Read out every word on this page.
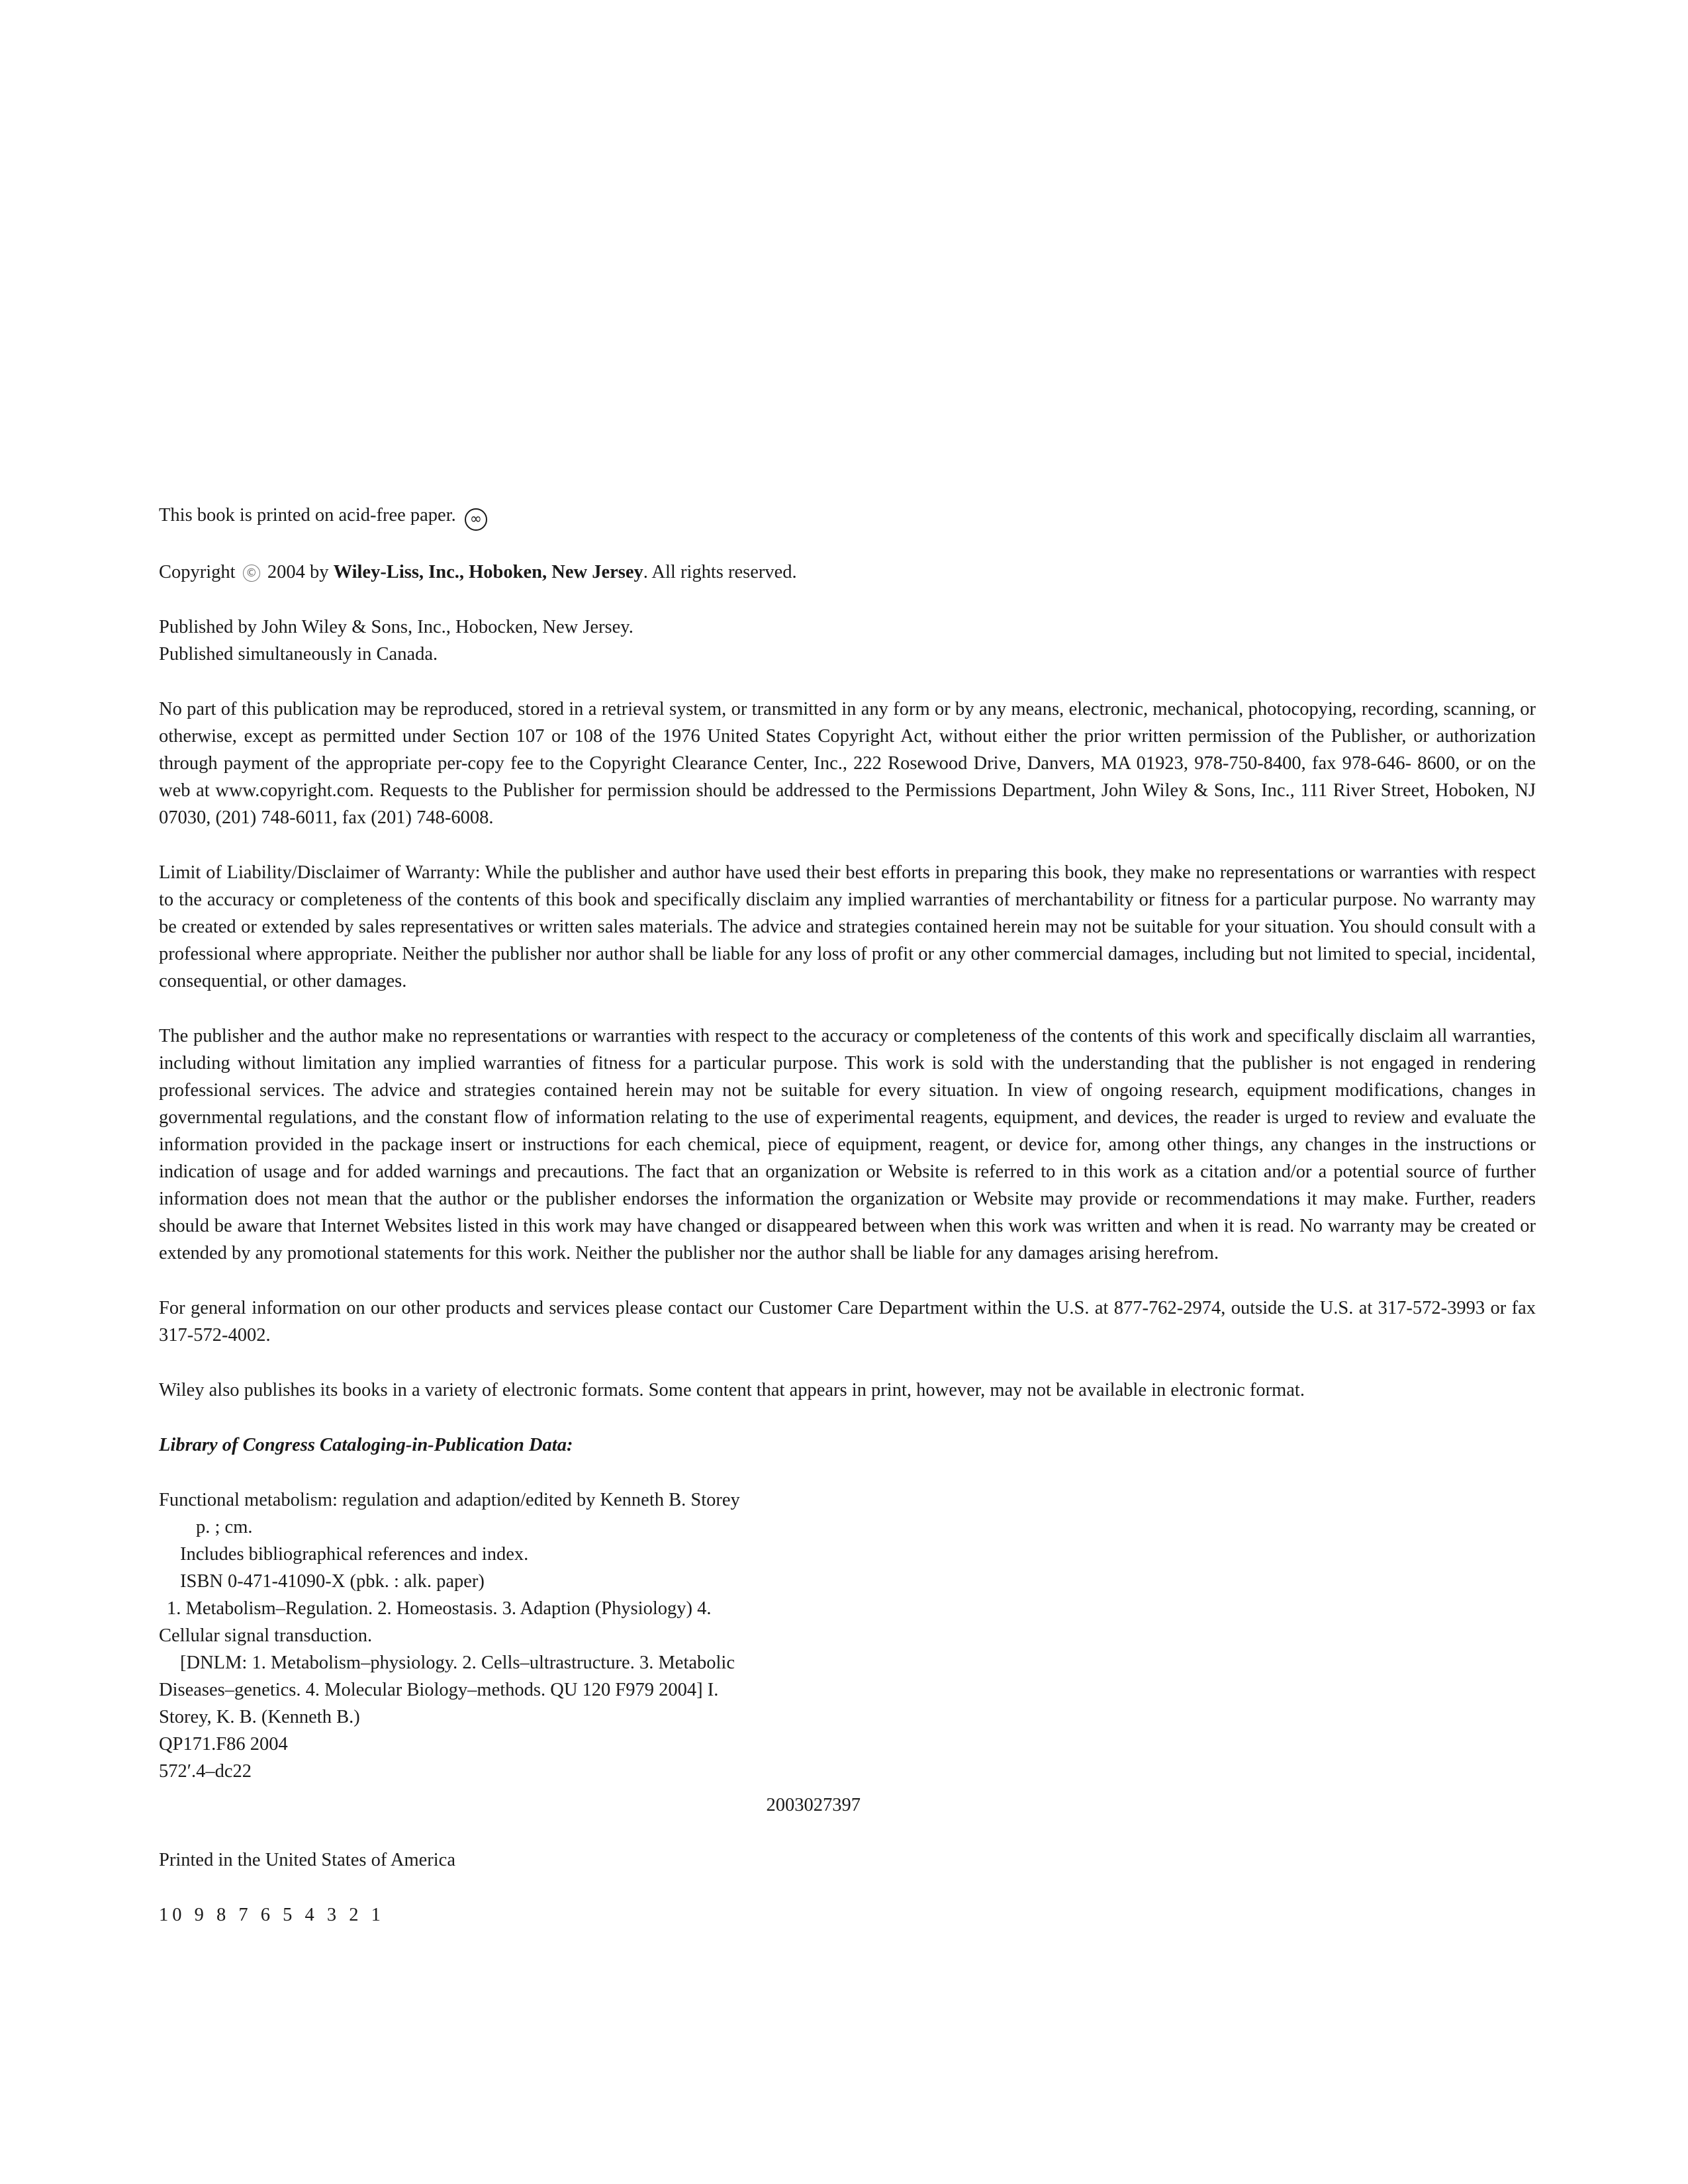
This book is printed on acid-free paper. ∞

Copyright © 2004 by Wiley-Liss, Inc., Hoboken, New Jersey. All rights reserved.

Published by John Wiley & Sons, Inc., Hobocken, New Jersey.

Published simultaneously in Canada.

No part of this publication may be reproduced, stored in a retrieval system, or transmitted in any form or by any means, electronic, mechanical, photocopying, recording, scanning, or otherwise, except as permitted under Section 107 or 108 of the 1976 United States Copyright Act, without either the prior written permission of the Publisher, or authorization through payment of the appropriate per-copy fee to the Copyright Clearance Center, Inc., 222 Rosewood Drive, Danvers, MA 01923, 978-750-8400, fax 978-646- 8600, or on the web at www.copyright.com. Requests to the Publisher for permission should be addressed to the Permissions Department, John Wiley & Sons, Inc., 111 River Street, Hoboken, NJ 07030, (201) 748-6011, fax (201) 748-6008.

Limit of Liability/Disclaimer of Warranty: While the publisher and author have used their best efforts in preparing this book, they make no representations or warranties with respect to the accuracy or completeness of the contents of this book and specifically disclaim any implied warranties of merchantability or fitness for a particular purpose. No warranty may be created or extended by sales representatives or written sales materials. The advice and strategies contained herein may not be suitable for your situation. You should consult with a professional where appropriate. Neither the publisher nor author shall be liable for any loss of profit or any other commercial damages, including but not limited to special, incidental, consequential, or other damages.

The publisher and the author make no representations or warranties with respect to the accuracy or completeness of the contents of this work and specifically disclaim all warranties, including without limitation any implied warranties of fitness for a particular purpose. This work is sold with the understanding that the publisher is not engaged in rendering professional services. The advice and strategies contained herein may not be suitable for every situation. In view of ongoing research, equipment modifications, changes in governmental regulations, and the constant flow of information relating to the use of experimental reagents, equipment, and devices, the reader is urged to review and evaluate the information provided in the package insert or instructions for each chemical, piece of equipment, reagent, or device for, among other things, any changes in the instructions or indication of usage and for added warnings and precautions. The fact that an organization or Website is referred to in this work as a citation and/or a potential source of further information does not mean that the author or the publisher endorses the information the organization or Website may provide or recommendations it may make. Further, readers should be aware that Internet Websites listed in this work may have changed or disappeared between when this work was written and when it is read. No warranty may be created or extended by any promotional statements for this work. Neither the publisher nor the author shall be liable for any damages arising herefrom.

For general information on our other products and services please contact our Customer Care Department within the U.S. at 877-762-2974, outside the U.S. at 317-572-3993 or fax 317-572-4002.

Wiley also publishes its books in a variety of electronic formats. Some content that appears in print, however, may not be available in electronic format.

Library of Congress Cataloging-in-Publication Data:

Functional metabolism: regulation and adaption/edited by Kenneth B. Storey
p. ; cm.
Includes bibliographical references and index.
ISBN 0-471-41090-X (pbk. : alk. paper)
1. Metabolism–Regulation. 2. Homeostasis. 3. Adaption (Physiology) 4.
Cellular signal transduction.
[DNLM: 1. Metabolism–physiology. 2. Cells–ultrastructure. 3. Metabolic
Diseases–genetics. 4. Molecular Biology–methods. QU 120 F979 2004] I.
Storey, K. B. (Kenneth B.)
QP171.F86 2004
572′.4–dc22
2003027397

Printed in the United States of America

10 9 8 7 6 5 4 3 2 1
